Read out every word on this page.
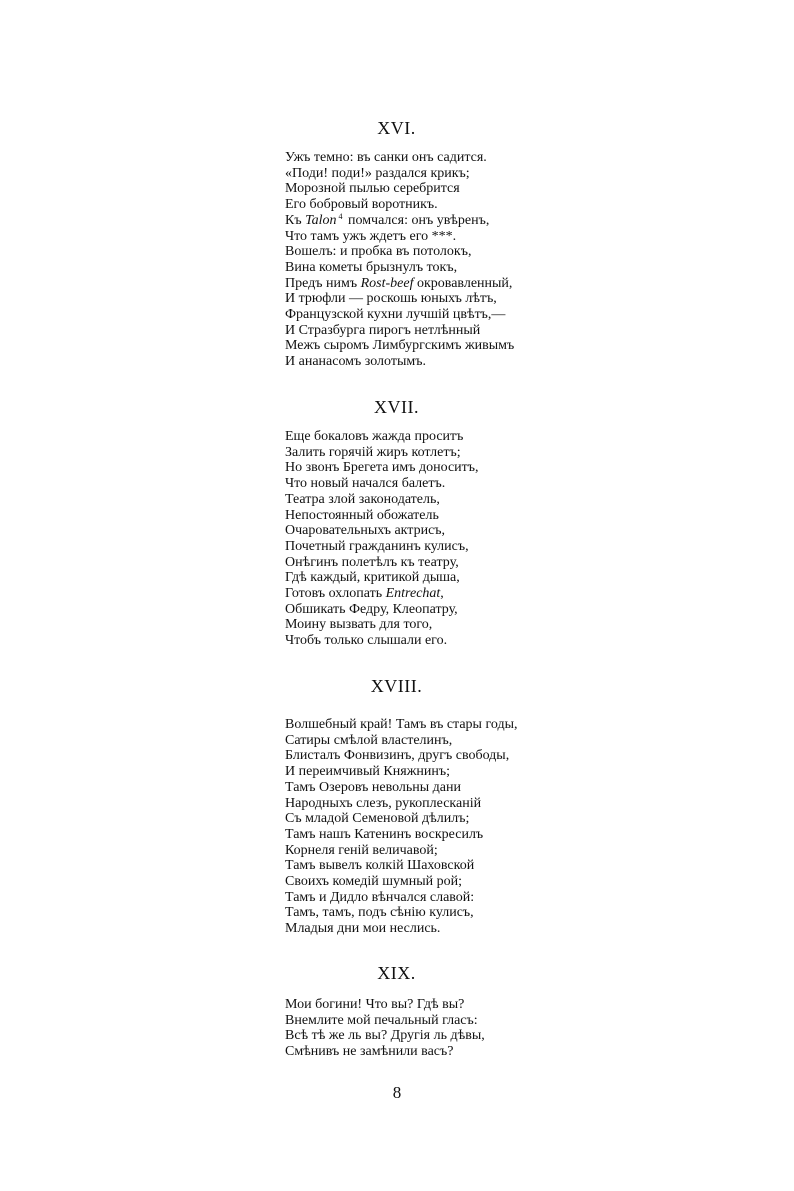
XVI.
Ужъ темно: въ санки онъ садится.
«Поди! поди!» раздался крикъ;
Морозной пылью серебрится
Его бобровый воротникъ.
Къ Talon $^4$ помчался: онъ увѣренъ,
Что тамъ ужъ ждетъ его ***.
Вошелъ: и пробка въ потолокъ,
Вина кометы брызнулъ токъ,
Предъ нимъ Rost-beef окровавленный,
И трюфли — роскошь юныхъ лѣтъ,
Французской кухни лучшій цвѣтъ,—
И Стразбурга пирогъ нетлѣнный
Межъ сыромъ Лимбургскимъ живымъ
И ананасомъ золотымъ.
XVII.
Еще бокаловъ жажда проситъ
Залить горячій жиръ котлетъ;
Но звонъ Брегета имъ доноситъ,
Что новый начался балетъ.
Театра злой законодатель,
Непостоянный обожатель
Очаровательныхъ актрисъ,
Почетный гражданинъ кулисъ,
Онѣгинъ полетѣлъ къ театру,
Гдѣ каждый, критикой дыша,
Готовъ охлопать Entrechat,
Обшикать Федру, Клеопатру,
Моину вызвать для того,
Чтобъ только слышали его.
XVIII.
Волшебный край! Тамъ въ стары годы,
Сатиры смѣлой властелинъ,
Блисталъ Фонвизинъ, другъ свободы,
И переимчивый Княжнинъ;
Тамъ Озеровъ невольны дани
Народныхъ слезъ, рукоплесканій
Съ младой Семеновой дѣлилъ;
Тамъ нашъ Катенинъ воскресилъ
Корнеля геній величавой;
Тамъ вывелъ колкій Шаховской
Своихъ комедій шумный рой;
Тамъ и Дидло вѣнчался славой:
Тамъ, тамъ, подъ сѣнію кулисъ,
Младыя дни мои неслись.
XIX.
Мои богини! Что вы? Гдѣ вы?
Внемлите мой печальный гласъ:
Всѣ тѣ же ль вы? Другія ль дѣвы,
Смѣнивъ не замѣнили васъ?
8
